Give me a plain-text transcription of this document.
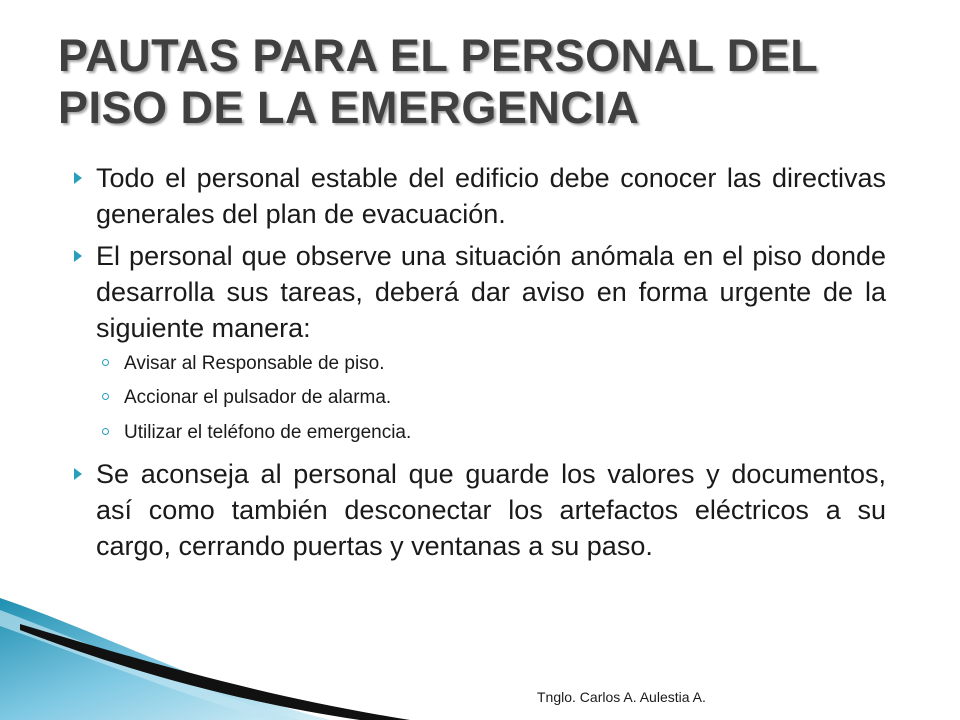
PAUTAS PARA EL PERSONAL DEL
PISO DE LA EMERGENCIA
Todo el personal estable del edificio debe conocer las directivas generales del plan de evacuación.
El personal que observe una situación anómala en el piso donde desarrolla sus tareas, deberá dar aviso en forma urgente de la siguiente manera:
Avisar al Responsable de piso.
Accionar el pulsador de alarma.
Utilizar el teléfono de emergencia.
Se aconseja al personal que guarde los valores y documentos, así como también desconectar los artefactos eléctricos a su cargo, cerrando puertas y ventanas a su paso.
Tnglo. Carlos A. Aulestia A.
